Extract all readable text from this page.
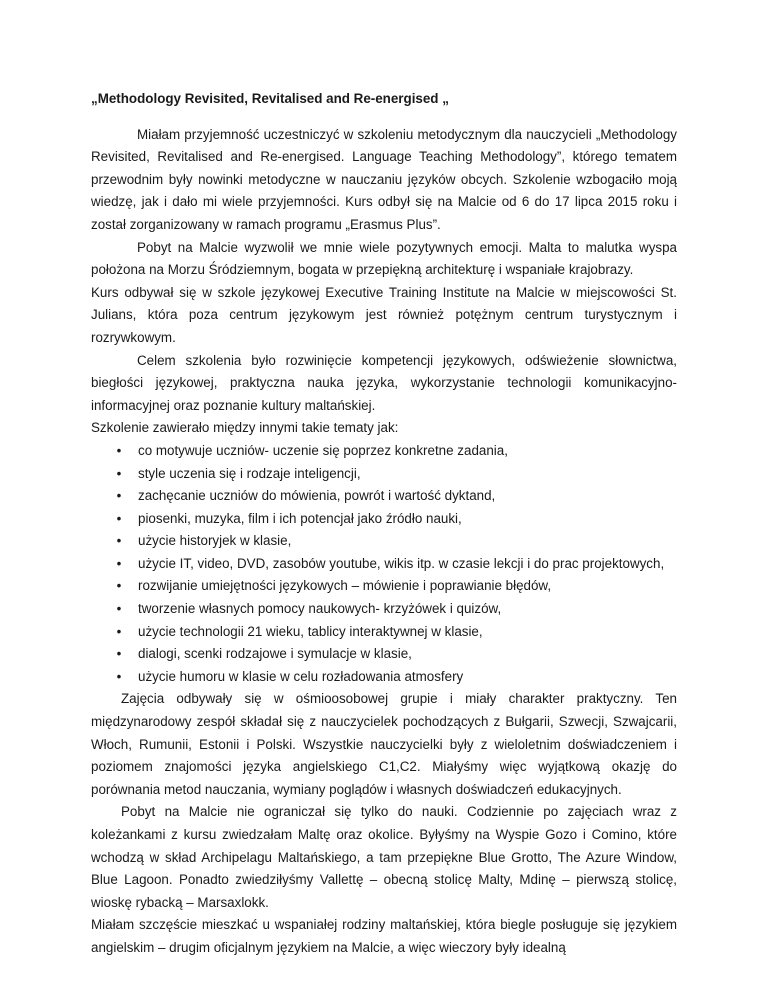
„Methodology Revisited, Revitalised and Re-energised „

Miałam przyjemność uczestniczyć w szkoleniu metodycznym dla nauczycieli „Methodology Revisited, Revitalised and Re-energised. Language Teaching Methodology”, którego tematem przewodnim były nowinki metodyczne w nauczaniu języków obcych. Szkolenie wzbogaciło moją wiedzę, jak i dało mi wiele przyjemności. Kurs odbył się na Malcie od 6 do 17 lipca 2015 roku i został zorganizowany w ramach programu „Erasmus Plus”.

Pobyt na Malcie wyzwolił we mnie wiele pozytywnych emocji. Malta to malutka wyspa położona na Morzu Śródziemnym, bogata w przepiękną architekturę i wspaniałe krajobrazy.

Kurs odbywał się w szkole językowej Executive Training Institute na Malcie w miejscowości St. Julians, która poza centrum językowym jest również potężnym centrum turystycznym i rozrywkowym.

Celem szkolenia było rozwinięcie kompetencji językowych, odświeżenie słownictwa, biegłości językowej, praktyczna nauka języka, wykorzystanie technologii komunikacyjno-informacyjnej oraz poznanie kultury maltańskiej.

Szkolenie zawierało między innymi takie tematy jak:

• co motywuje uczniów- uczenie się poprzez konkretne zadania,
• style uczenia się i rodzaje inteligencji,
• zachęcanie uczniów do mówienia, powrót i wartość dyktand,
• piosenki, muzyka, film i ich potencjał jako źródło nauki,
• użycie historyjek w klasie,
• użycie IT, video, DVD, zasobów youtube, wikis itp. w czasie lekcji i do prac projektowych,
• rozwijanie umiejętności językowych – mówienie i poprawianie błędów,
• tworzenie własnych pomocy naukowych- krzyżówek i quizów,
• użycie technologii 21 wieku, tablicy interaktywnej w klasie,
• dialogi, scenki rodzajowe i symulacje w klasie,
• użycie humoru w klasie w celu rozładowania atmosfery

Zajęcia odbywały się w ośmioosobowej grupie i miały charakter praktyczny. Ten międzynarodowy zespół składał się z nauczycielek pochodzących z Bułgarii, Szwecji, Szwajcarii, Włoch, Rumunii, Estonii i Polski. Wszystkie nauczycielki były z wieloletnim doświadczeniem i poziomem znajomości języka angielskiego C1,C2. Miałyśmy więc wyjątkową okazję do porównania metod nauczania, wymiany poglądów i własnych doświadczeń edukacyjnych.

Pobyt na Malcie nie ograniczał się tylko do nauki. Codziennie po zajęciach wraz z koleżankami z kursu zwiedzałam Maltę oraz okolice. Byłyśmy na Wyspie Gozo i Comino, które wchodzą w skład Archipelagu Maltańskiego, a tam przepiękne Blue Grotto, The Azure Window, Blue Lagoon. Ponadto zwiedziłyśmy Vallettę – obecną stolicę Malty, Mdinę – pierwszą stolicę, wioskę rybacką – Marsaxlokk.

Miałam szczęście mieszkać u wspaniałej rodziny maltańskiej, która biegle posługuje się językiem angielskim – drugim oficjalnym językiem na Malcie, a więc wieczory były idealną
